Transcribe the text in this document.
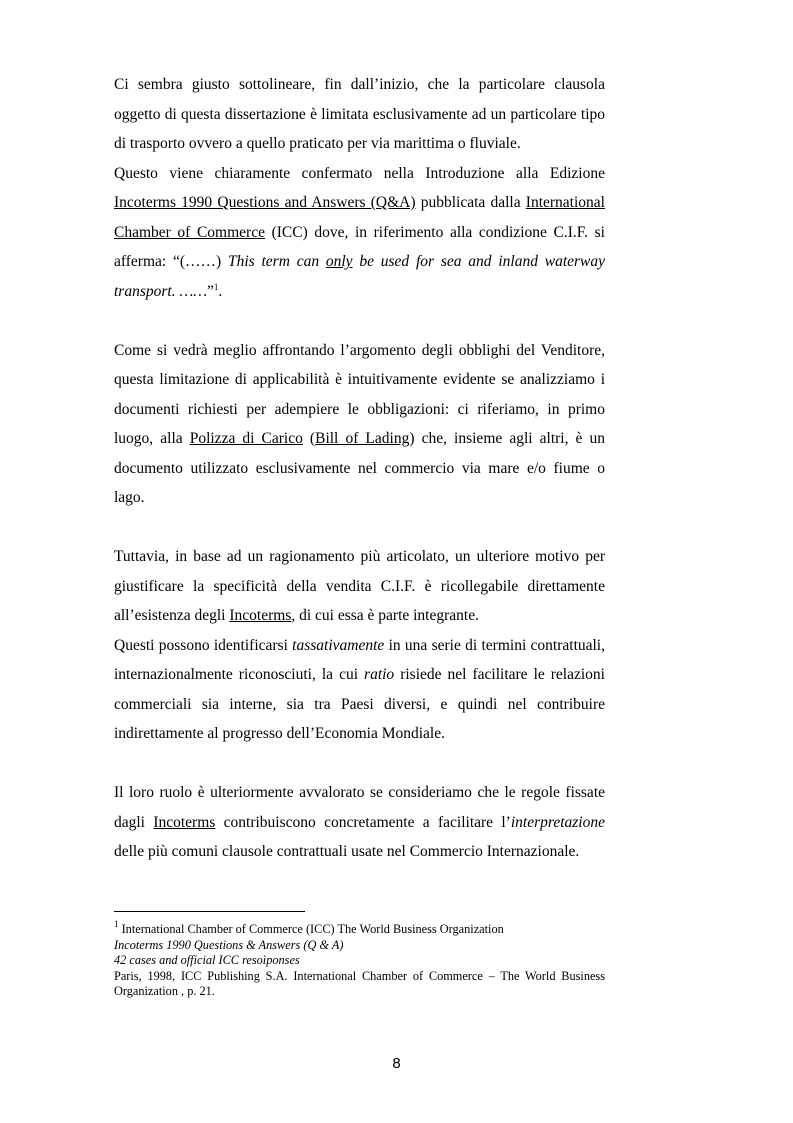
Ci sembra giusto sottolineare, fin dall’inizio, che la particolare clausola oggetto di questa dissertazione è limitata esclusivamente ad un particolare tipo di trasporto ovvero a quello praticato per via marittima o fluviale.

Questo viene chiaramente confermato nella Introduzione alla Edizione Incoterms 1990 Questions and Answers (Q&A) pubblicata dalla International Chamber of Commerce (ICC) dove, in riferimento alla condizione C.I.F. si afferma: “(……) This term can only be used for sea and inland waterway transport. ……”$^1$.

Come si vedrà meglio affrontando l’argomento degli obblighi del Venditore, questa limitazione di applicabilità è intuitivamente evidente se analizziamo i documenti richiesti per adempiere le obbligazioni: ci riferiamo, in primo luogo, alla Polizza di Carico (Bill of Lading) che, insieme agli altri, è un documento utilizzato esclusivamente nel commercio via mare e/o fiume o lago.

Tuttavia, in base ad un ragionamento più articolato, un ulteriore motivo per giustificare la specificità della vendita C.I.F. è ricollegabile direttamente all’esistenza degli Incoterms, di cui essa è parte integrante.

Questi possono identificarsi tassativamente in una serie di termini contrattuali, internazionalmente riconosciuti, la cui ratio risiede nel facilitare le relazioni commerciali sia interne, sia tra Paesi diversi, e quindi nel contribuire indirettamente al progresso dell’Economia Mondiale.

Il loro ruolo è ulteriormente avvalorato se consideriamo che le regole fissate dagli Incoterms contribuiscono concretamente a facilitare l’interpretazione delle più comuni clausole contrattuali usate nel Commercio Internazionale.

$^1$ International Chamber of Commerce (ICC) The World Business Organization
Incoterms 1990 Questions & Answers (Q & A)
42 cases and official ICC resoìponses
Paris, 1998, ICC Publishing S.A. International Chamber of Commerce – The World Business Organization , p. 21.
8
